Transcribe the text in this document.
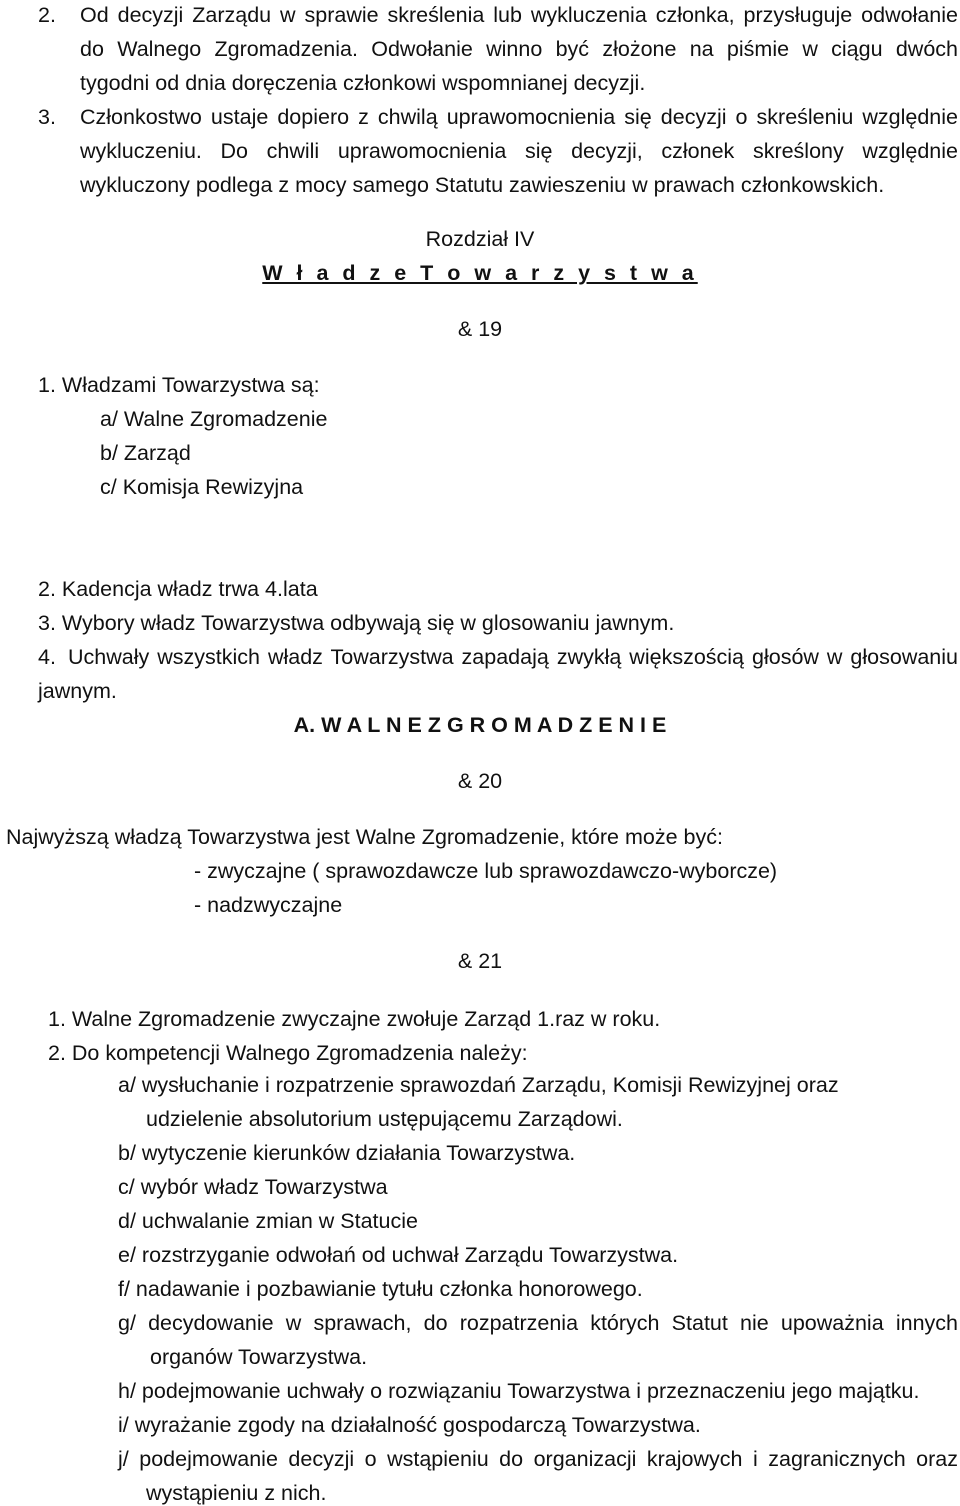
2. Od decyzji Zarządu w sprawie skreślenia lub wykluczenia członka, przysługuje odwołanie

do Walnego Zgromadzenia. Odwołanie winno być złożone na piśmie w ciągu dwóch

tygodni od dnia doręczenia członkowi wspomnianej decyzji.

3. Członkostwo ustaje dopiero z chwilą uprawomocnienia się decyzji o skreśleniu względnie

wykluczeniu. Do chwili uprawomocnienia się decyzji, członek skreślony względnie

wykluczony podlega z mocy samego Statutu zawieszeniu w prawach członkowskich.

Rozdział IV
W ł a d z e T o w a r z y s t w a
& 19

1. Władzami Towarzystwa są:

a/ Walne Zgromadzenie

b/ Zarząd

c/ Komisja Rewizyjna

2. Kadencja władz trwa 4.lata

3. Wybory władz Towarzystwa odbywają się w glosowaniu jawnym.

4. Uchwały wszystkich władz Towarzystwa zapadają zwykłą większością głosów w głosowaniu

jawnym.

A. W A L N E Z G R O M A D Z E N I E
& 20

Najwyższą władzą Towarzystwa jest Walne Zgromadzenie, które może być:

- zwyczajne ( sprawozdawcze lub sprawozdawczo-wyborcze)

- nadzwyczajne

& 21

1. Walne Zgromadzenie zwyczajne zwołuje Zarząd 1.raz w roku.

2. Do kompetencji Walnego Zgromadzenia należy:

a/ wysłuchanie i rozpatrzenie sprawozdań Zarządu, Komisji Rewizyjnej oraz

udzielenie absolutorium ustępującemu Zarządowi.

b/ wytyczenie kierunków działania Towarzystwa.

c/ wybór władz Towarzystwa

d/ uchwalanie zmian w Statucie

e/ rozstrzyganie odwołań od uchwał Zarządu Towarzystwa.

f/ nadawanie i pozbawianie tytułu członka honorowego.

g/ decydowanie w sprawach, do rozpatrzenia których Statut nie upoważnia innych

organów Towarzystwa.

h/ podejmowanie uchwały o rozwiązaniu Towarzystwa i przeznaczeniu jego majątku.

i/ wyrażanie zgody na działalność gospodarczą Towarzystwa.

j/ podejmowanie decyzji o wstąpieniu do organizacji krajowych i zagranicznych oraz

wystąpieniu z nich.
